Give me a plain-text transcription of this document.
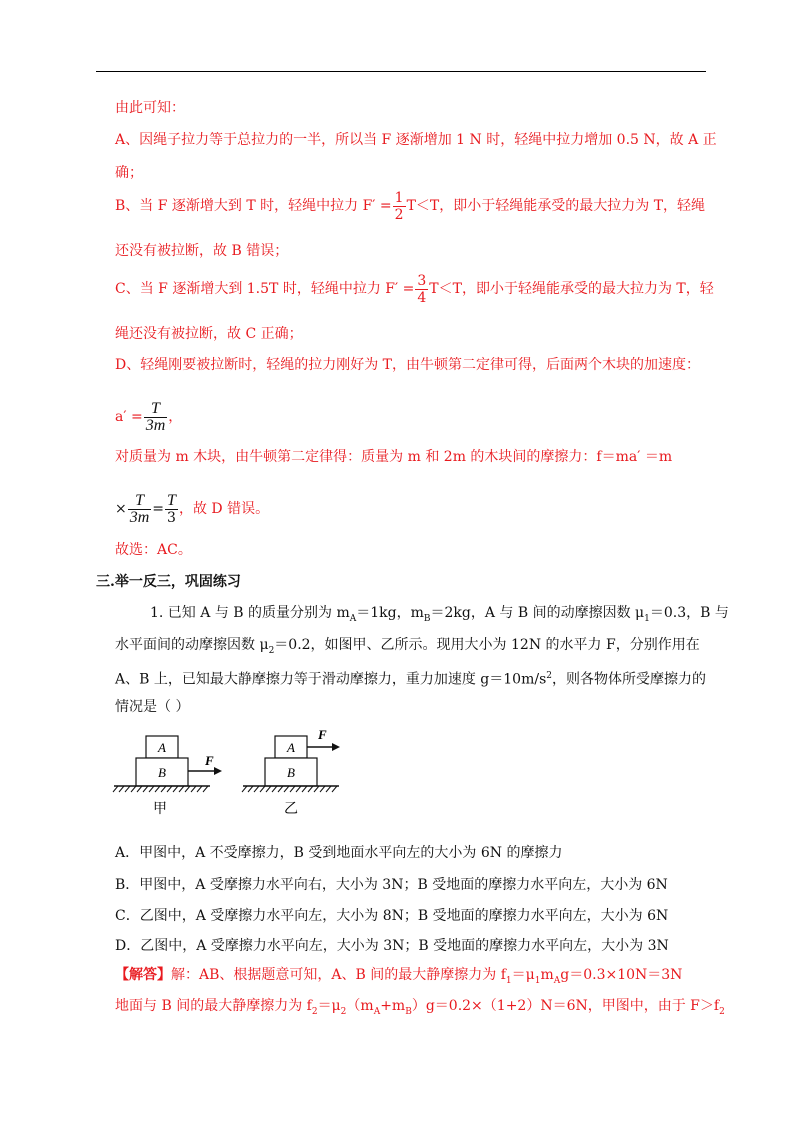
由此可知：
A、因绳子拉力等于总拉力的一半，所以当 F 逐渐增加 1 N 时，轻绳中拉力增加 0.5 N，故 A 正
确；
B、当 F 逐渐增大到 T 时，轻绳中拉力 $F' = \frac{1}{2} T<T$，即小于轻绳能承受的最大拉力为 T，轻绳
还没有被拉断，故 B 错误；
C、当 F 逐渐增大到 1.5T 时，轻绳中拉力 $F' = \frac{3}{4} T<T$，即小于轻绳能承受的最大拉力为 T，轻
绳还没有被拉断，故 C 正确；
D、轻绳刚要被拉断时，轻绳的拉力刚好为 T，由牛顿第二定律可得，后面两个木块的加速度：
$a' = \frac{T}{3m}$ ，
对质量为 m 木块，由牛顿第二定律得：质量为 m 和 2m 的木块间的摩擦力：f＝ma′ ＝m
× $\frac{T}{3m} = \frac{T}{3}$ ，故 D 错误。
故选：AC。
三.举一反三，巩固练习
1. 已知 A 与 B 的质量分别为 $m_A=1kg$，$m_B=2kg$，A 与 B 间的动摩擦因数 $\mu_1=0.3$，B 与
水平面间的动摩擦因数 $\mu_2=0.2$，如图甲、乙所示。现用大小为 12N 的水平力 F，分别作用在
A、B 上，已知最大静摩擦力等于滑动摩擦力，重力加速度 $g=10m/s^2$，则各物体所受摩擦力的
情况是（ ）
A
B
F
甲
A
F
B
乙
A．甲图中，A 不受摩擦力，B 受到地面水平向左的大小为 6N 的摩擦力
B．甲图中，A 受摩擦力水平向右，大小为 3N；B 受地面的摩擦力水平向左，大小为 6N
C．乙图中，A 受摩擦力水平向左，大小为 8N；B 受地面的摩擦力水平向左，大小为 6N
D．乙图中，A 受摩擦力水平向左，大小为 3N；B 受地面的摩擦力水平向左，大小为 3N
【解答】解：AB、根据题意可知，A、B 间的最大静摩擦力为 $f_1=\mu_1m_Ag=0.3\times 10N=3N$
地面与 B 间的最大静摩擦力为 $f_2=\mu_2(m_A+m_B)g=0.2\times(1+2)N=6N$，甲图中，由于 $F>f_2$
